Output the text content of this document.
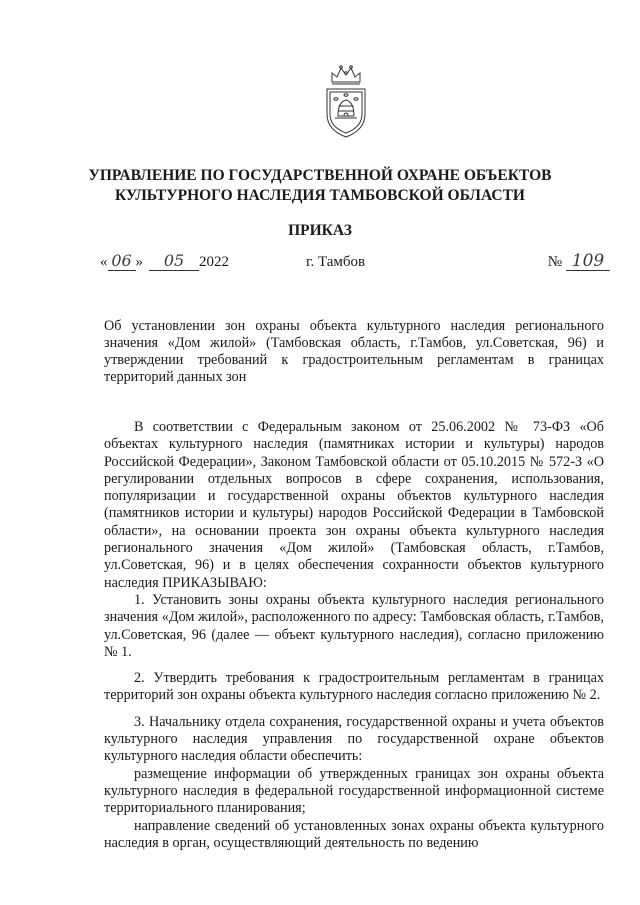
УПРАВЛЕНИЕ ПО ГОСУДАРСТВЕННОЙ ОХРАНЕ ОБЪЕКТОВ
КУЛЬТУРНОГО НАСЛЕДИЯ ТАМБОВСКОЙ ОБЛАСТИ
ПРИКАЗ
« 06 » 05 2022	г. Тамбов	№ 109
Об установлении зон охраны объекта культурного наследия регионального значения «Дом жилой» (Тамбовская область, г.Тамбов, ул.Советская, 96) и утверждении требований к градостроительным регламентам в границах территорий данных зон

В соответствии с Федеральным законом от 25.06.2002 № 73-ФЗ «Об объектах культурного наследия (памятниках истории и культуры) народов Российской Федерации», Законом Тамбовской области от 05.10.2015 № 572-З «О регулировании отдельных вопросов в сфере сохранения, использования, популяризации и государственной охраны объектов культурного наследия (памятников истории и культуры) народов Российской Федерации в Тамбовской области», на основании проекта зон охраны объекта культурного наследия регионального значения «Дом жилой» (Тамбовская область, г.Тамбов, ул.Советская, 96) и в целях обеспечения сохранности объектов культурного наследия ПРИКАЗЫВАЮ:

1. Установить зоны охраны объекта культурного наследия регионального значения «Дом жилой», расположенного по адресу: Тамбовская область, г.Тамбов, ул.Советская, 96 (далее — объект культурного наследия), согласно приложению № 1.

2. Утвердить требования к градостроительным регламентам в границах территорий зон охраны объекта культурного наследия согласно приложению № 2.

3. Начальнику отдела сохранения, государственной охраны и учета объектов культурного наследия управления по государственной охране объектов культурного наследия области обеспечить:

размещение информации об утвержденных границах зон охраны объекта культурного наследия в федеральной государственной информационной системе территориального планирования;

направление сведений об установленных зонах охраны объекта культурного наследия в орган, осуществляющий деятельность по ведению
